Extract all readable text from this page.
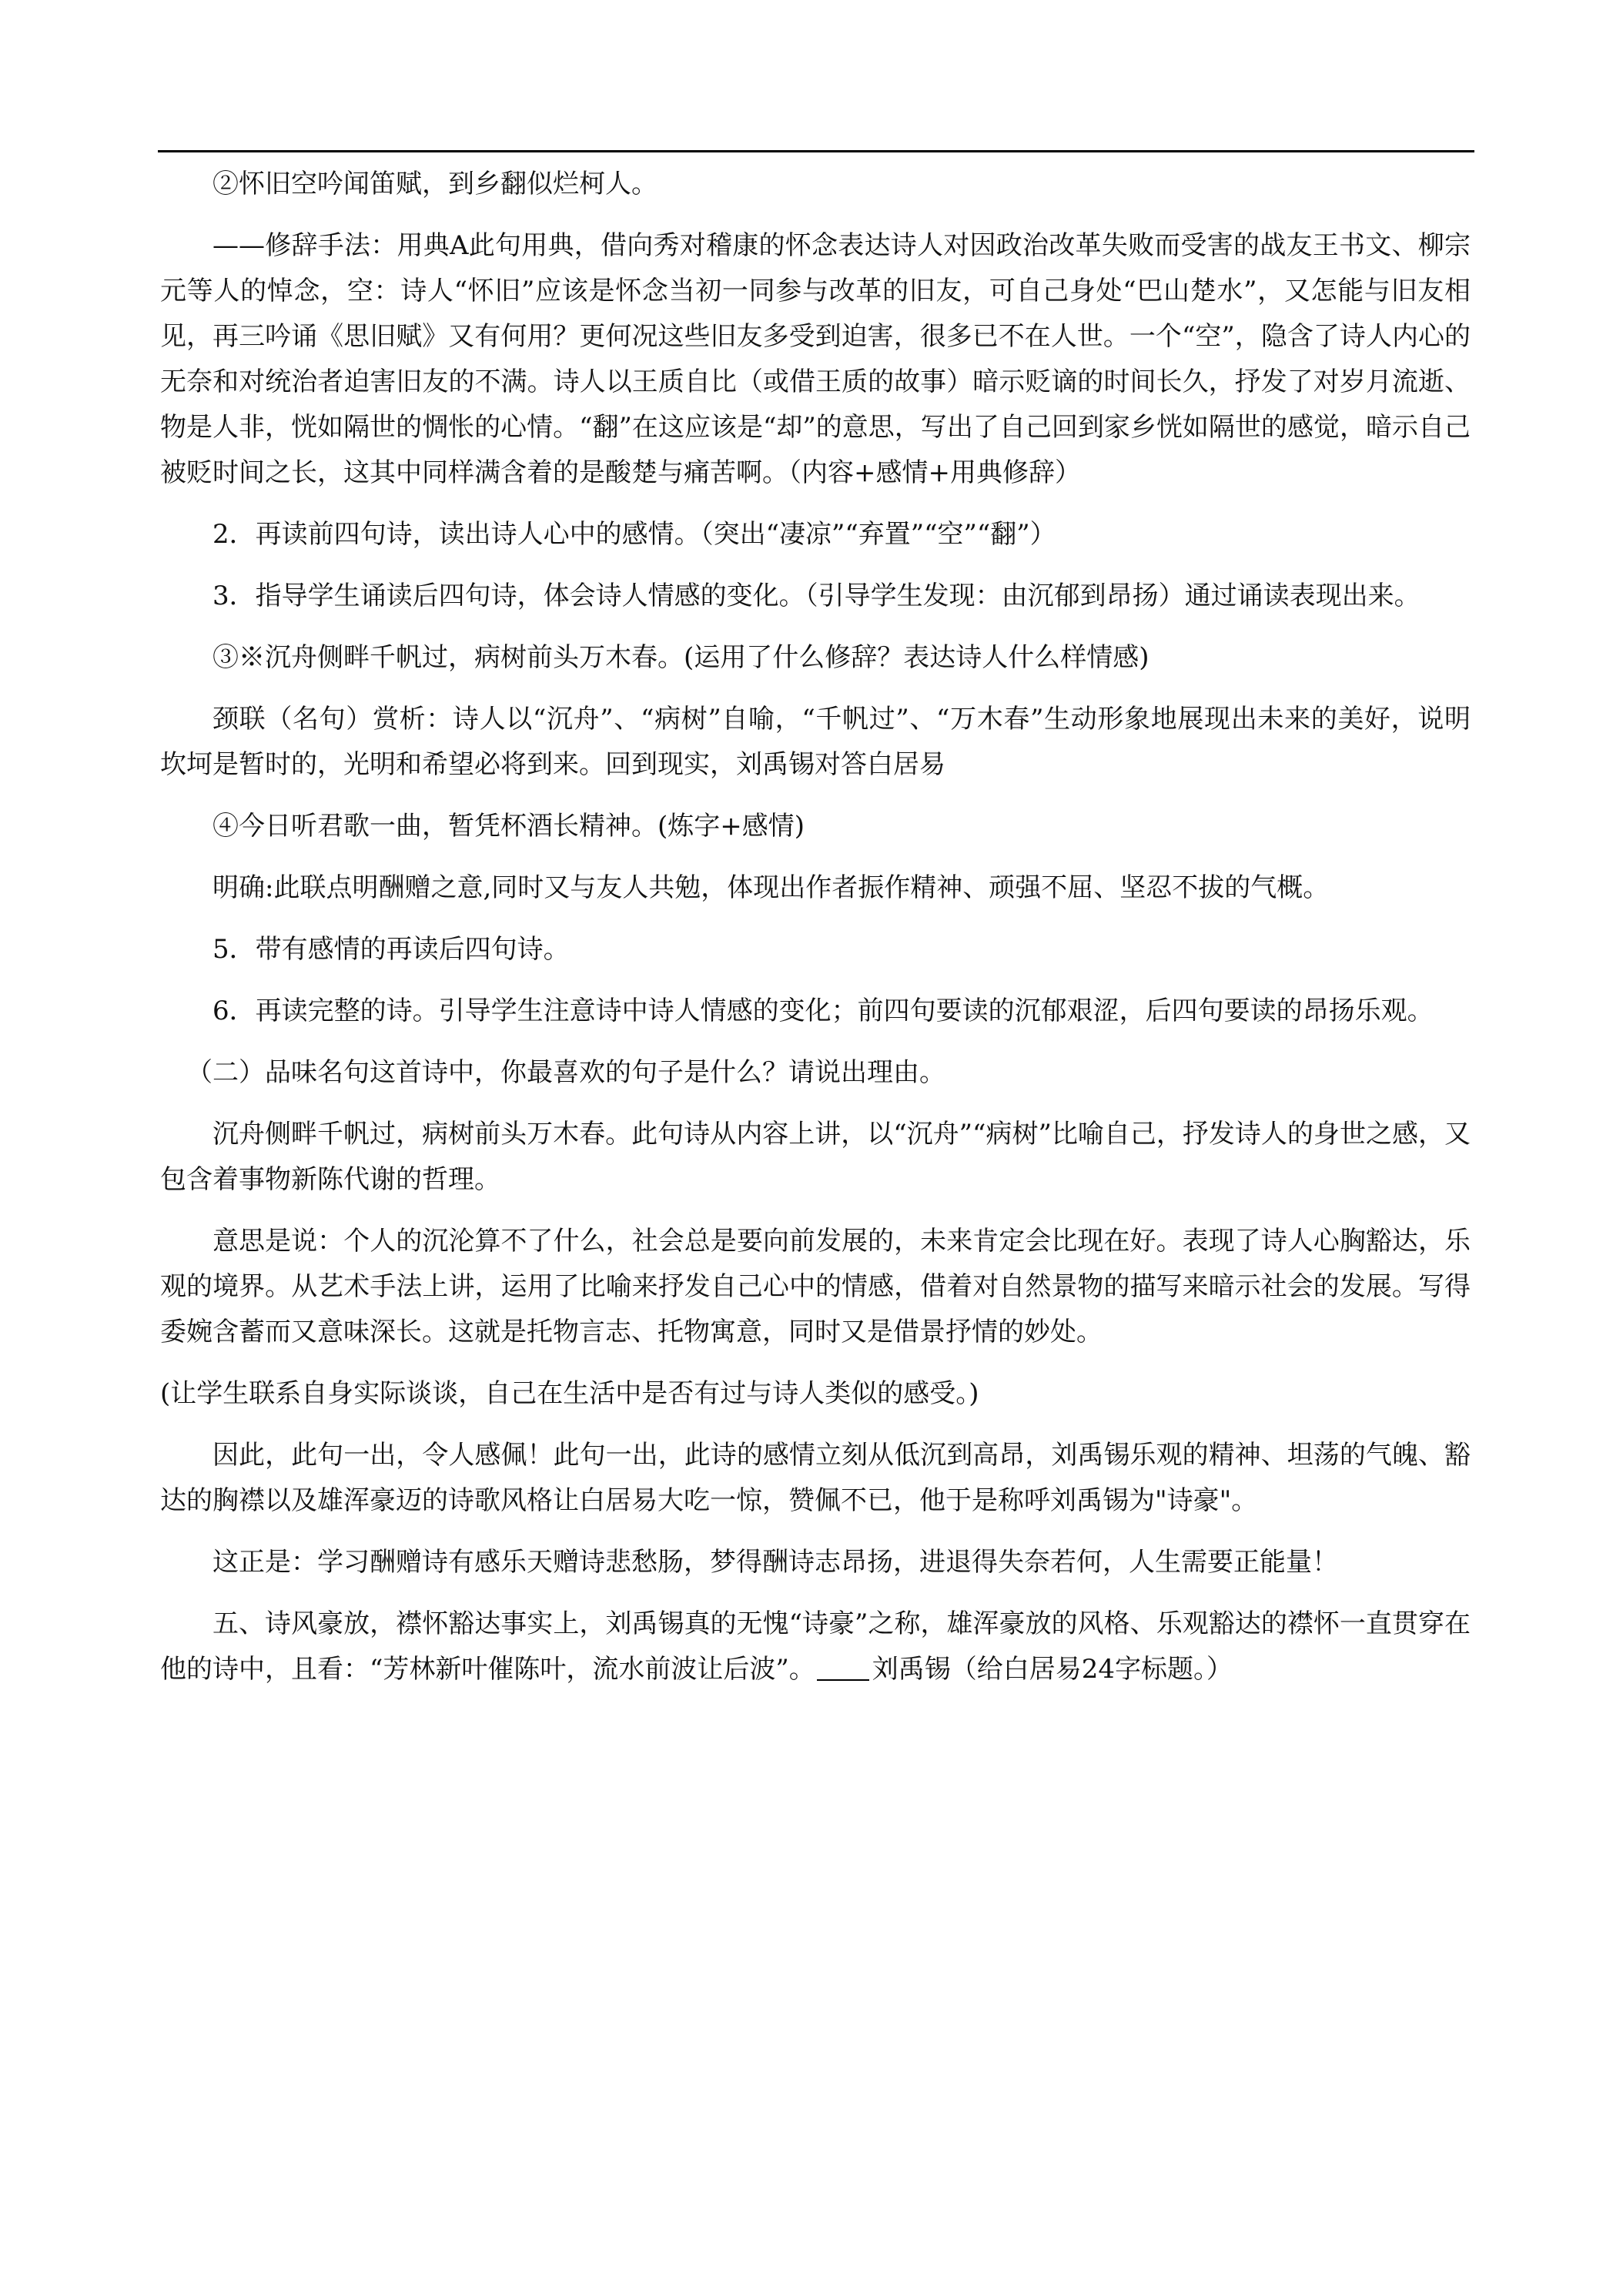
②怀旧空吟闻笛赋，到乡翻似烂柯人。

——修辞手法：用典A此句用典，借向秀对稽康的怀念表达诗人对因政治改革失败而受害的战友王书文、柳宗元等人的悼念，空：诗人“怀旧”应该是怀念当初一同参与改革的旧友，可自己身处“巴山楚水”，又怎能与旧友相见，再三吟诵《思旧赋》又有何用？更何况这些旧友多受到迫害，很多已不在人世。一个“空”，隐含了诗人内心的无奈和对统治者迫害旧友的不满。诗人以王质自比（或借王质的故事）暗示贬谪的时间长久，抒发了对岁月流逝、物是人非，恍如隔世的惆怅的心情。“翻”在这应该是“却”的意思，写出了自己回到家乡恍如隔世的感觉，暗示自己被贬时间之长，这其中同样满含着的是酸楚与痛苦啊。（内容+感情+用典修辞）

2．再读前四句诗，读出诗人心中的感情。（突出“凄凉”“弃置”“空”“翻”）

3．指导学生诵读后四句诗，体会诗人情感的变化。（引导学生发现：由沉郁到昂扬）通过诵读表现出来。

③※沉舟侧畔千帆过，病树前头万木春。(运用了什么修辞？表达诗人什么样情感)

颈联（名句）赏析：诗人以“沉舟”、“病树”自喻，“千帆过”、“万木春”生动形象地展现出未来的美好，说明坎坷是暂时的，光明和希望必将到来。回到现实，刘禹锡对答白居易

④今日听君歌一曲，暂凭杯酒长精神。(炼字+感情)

明确:此联点明酬赠之意,同时又与友人共勉，体现出作者振作精神、顽强不屈、坚忍不拔的气概。

5．带有感情的再读后四句诗。

6．再读完整的诗。引导学生注意诗中诗人情感的变化；前四句要读的沉郁艰涩，后四句要读的昂扬乐观。

（二）品味名句这首诗中，你最喜欢的句子是什么？请说出理由。

沉舟侧畔千帆过，病树前头万木春。此句诗从内容上讲，以“沉舟”“病树”比喻自己，抒发诗人的身世之感，又包含着事物新陈代谢的哲理。

意思是说：个人的沉沦算不了什么，社会总是要向前发展的，未来肯定会比现在好。表现了诗人心胸豁达，乐观的境界。从艺术手法上讲，运用了比喻来抒发自己心中的情感，借着对自然景物的描写来暗示社会的发展。写得委婉含蓄而又意味深长。这就是托物言志、托物寓意，同时又是借景抒情的妙处。

(让学生联系自身实际谈谈，自己在生活中是否有过与诗人类似的感受。)

因此，此句一出，令人感佩！此句一出，此诗的感情立刻从低沉到高昂，刘禹锡乐观的精神、坦荡的气魄、豁达的胸襟以及雄浑豪迈的诗歌风格让白居易大吃一惊，赞佩不已，他于是称呼刘禹锡为"诗豪"。

这正是：学习酬赠诗有感乐天赠诗悲愁肠，梦得酬诗志昂扬，进退得失奈若何，人生需要正能量！

五、诗风豪放，襟怀豁达事实上，刘禹锡真的无愧“诗豪”之称，雄浑豪放的风格、乐观豁达的襟怀一直贯穿在他的诗中，且看：“芳林新叶催陈叶，流水前波让后波”。 刘禹锡（给白居易24字标题。）
